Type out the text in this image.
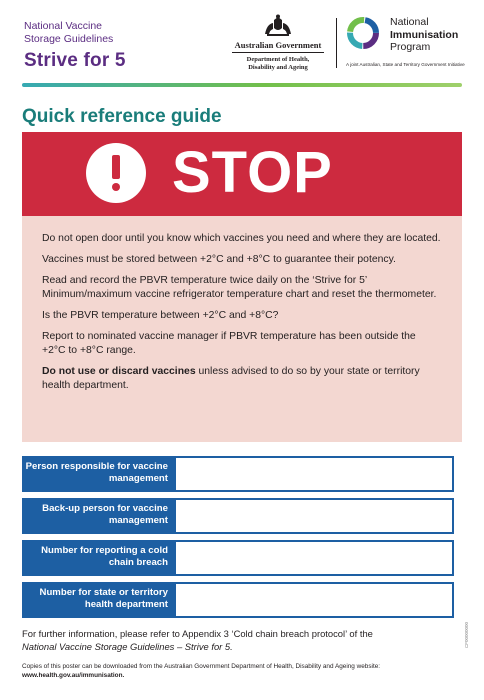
National Vaccine
Storage Guidelines
Strive for 5
Australian Government
Department of Health,
Disability and Ageing
National
Immunisation
Program
A joint Australian, State and Territory Government Initiative
Quick reference guide
STOP

Do not open door until you know which vaccines you need and where they are located.

Vaccines must be stored between +2°C and +8°C to guarantee their potency.

Read and record the PBVR temperature twice daily on the ‘Strive for 5’ Minimum/maximum vaccine refrigerator temperature chart and reset the thermometer.

Is the PBVR temperature between +2°C and +8°C?

Report to nominated vaccine manager if PBVR temperature has been outside the +2°C to +8°C range.

Do not use or discard vaccines unless advised to do so by your state or territory health department.

Person responsible for vaccine management
Back-up person for vaccine management
Number for reporting a cold chain breach
Number for state or territory health department
For further information, please refer to Appendix 3 ‘Cold chain breach protocol’ of the
National Vaccine Storage Guidelines – Strive for 5.
Copies of this poster can be downloaded from the Australian Government Department of Health, Disability and Ageing website:
www.health.gov.au/immunisation.
CF00000000
